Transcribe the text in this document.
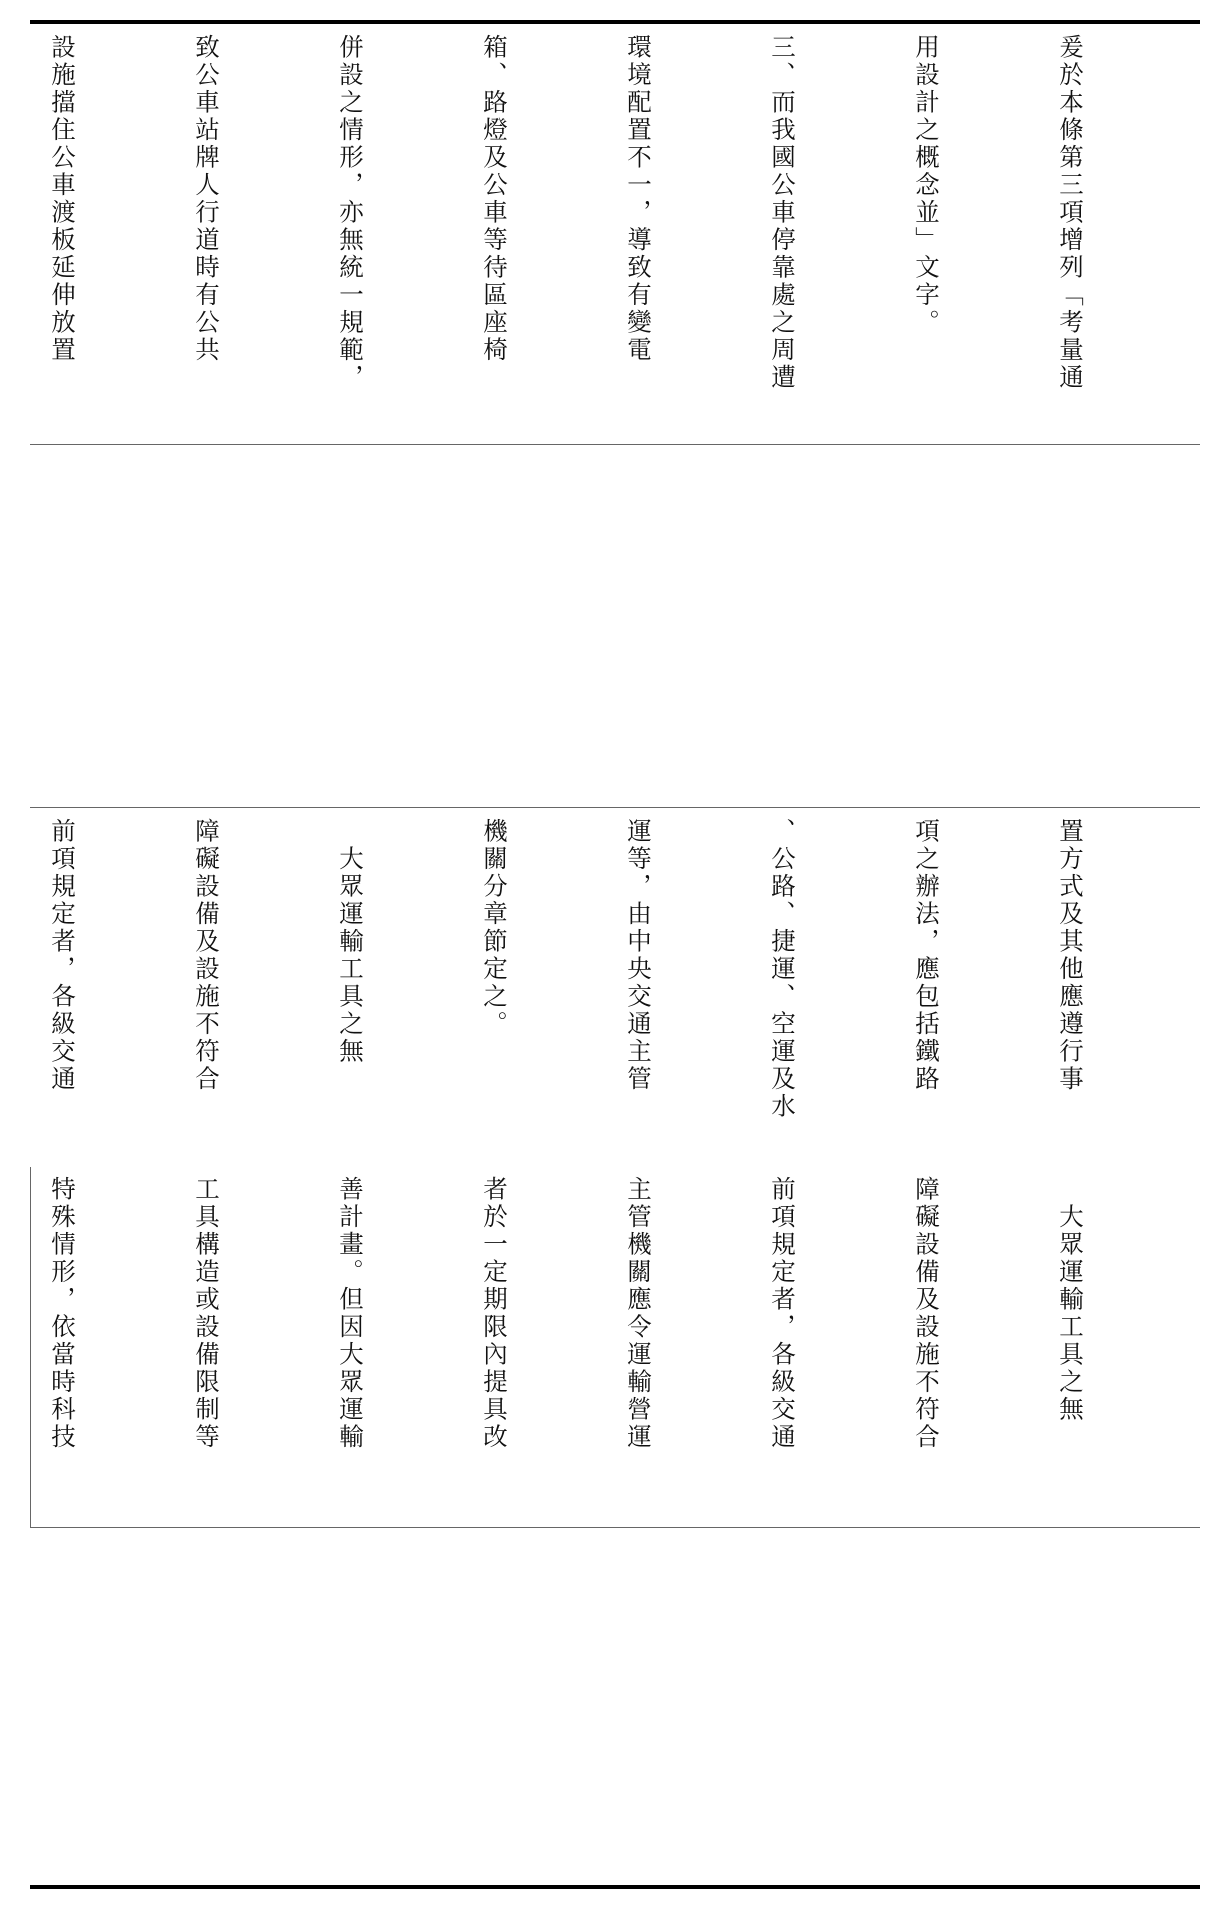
爰於本條第三項增列「考量通

用設計之概念並」文字。

三、而我國公車停靠處之周遭

環境配置不一，導致有變電

箱、路燈及公車等待區座椅

併設之情形，亦無統一規範，

致公車站牌人行道時有公共

設施擋住公車渡板延伸放置

置方式及其他應遵行事

項之辦法，應包括鐵路

、公路、捷運、空運及水

運等，由中央交通主管

機關分章節定之。

　大眾運輸工具之無

障礙設備及設施不符合

前項規定者，各級交通

　大眾運輸工具之無

障礙設備及設施不符合

前項規定者，各級交通

主管機關應令運輸營運

者於一定期限內提具改

善計畫。但因大眾運輸

工具構造或設備限制等

特殊情形，依當時科技
